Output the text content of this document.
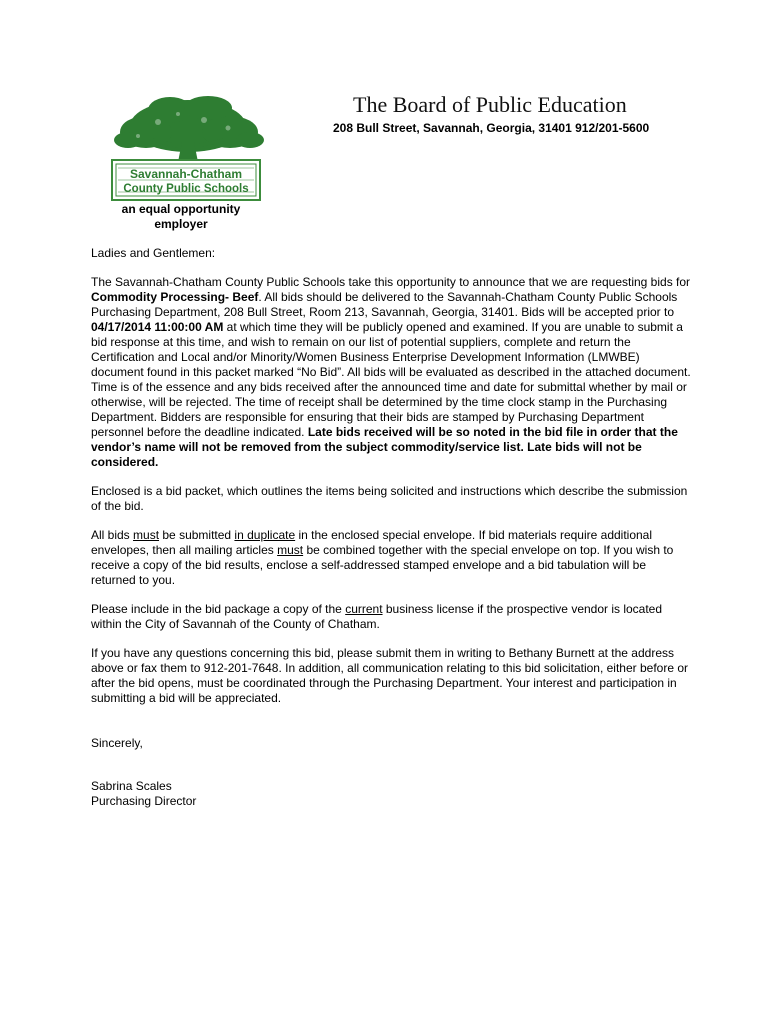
Savannah-Chatham
County Public Schools
an equal opportunity
employer
The Board of Public Education
208 Bull Street, Savannah, Georgia, 31401 912/201-5600
Ladies and Gentlemen:

The Savannah-Chatham County Public Schools take this opportunity to announce that we are requesting bids for Commodity Processing- Beef. All bids should be delivered to the Savannah-Chatham County Public Schools Purchasing Department, 208 Bull Street, Room 213, Savannah, Georgia, 31401. Bids will be accepted prior to 04/17/2014 11:00:00 AM at which time they will be publicly opened and examined. If you are unable to submit a bid response at this time, and wish to remain on our list of potential suppliers, complete and return the Certification and Local and/or Minority/Women Business Enterprise Development Information (LMWBE) document found in this packet marked “No Bid”. All bids will be evaluated as described in the attached document. Time is of the essence and any bids received after the announced time and date for submittal whether by mail or otherwise, will be rejected. The time of receipt shall be determined by the time clock stamp in the Purchasing Department. Bidders are responsible for ensuring that their bids are stamped by Purchasing Department personnel before the deadline indicated. Late bids received will be so noted in the bid file in order that the vendor’s name will not be removed from the subject commodity/service list. Late bids will not be considered.

Enclosed is a bid packet, which outlines the items being solicited and instructions which describe the submission of the bid.

All bids must be submitted in duplicate in the enclosed special envelope. If bid materials require additional envelopes, then all mailing articles must be combined together with the special envelope on top. If you wish to receive a copy of the bid results, enclose a self-addressed stamped envelope and a bid tabulation will be returned to you.

Please include in the bid package a copy of the current business license if the prospective vendor is located within the City of Savannah of the County of Chatham.

If you have any questions concerning this bid, please submit them in writing to Bethany Burnett at the address above or fax them to 912-201-7648. In addition, all communication relating to this bid solicitation, either before or after the bid opens, must be coordinated through the Purchasing Department. Your interest and participation in submitting a bid will be appreciated.

Sincerely,
Sabrina Scales
Purchasing Director
